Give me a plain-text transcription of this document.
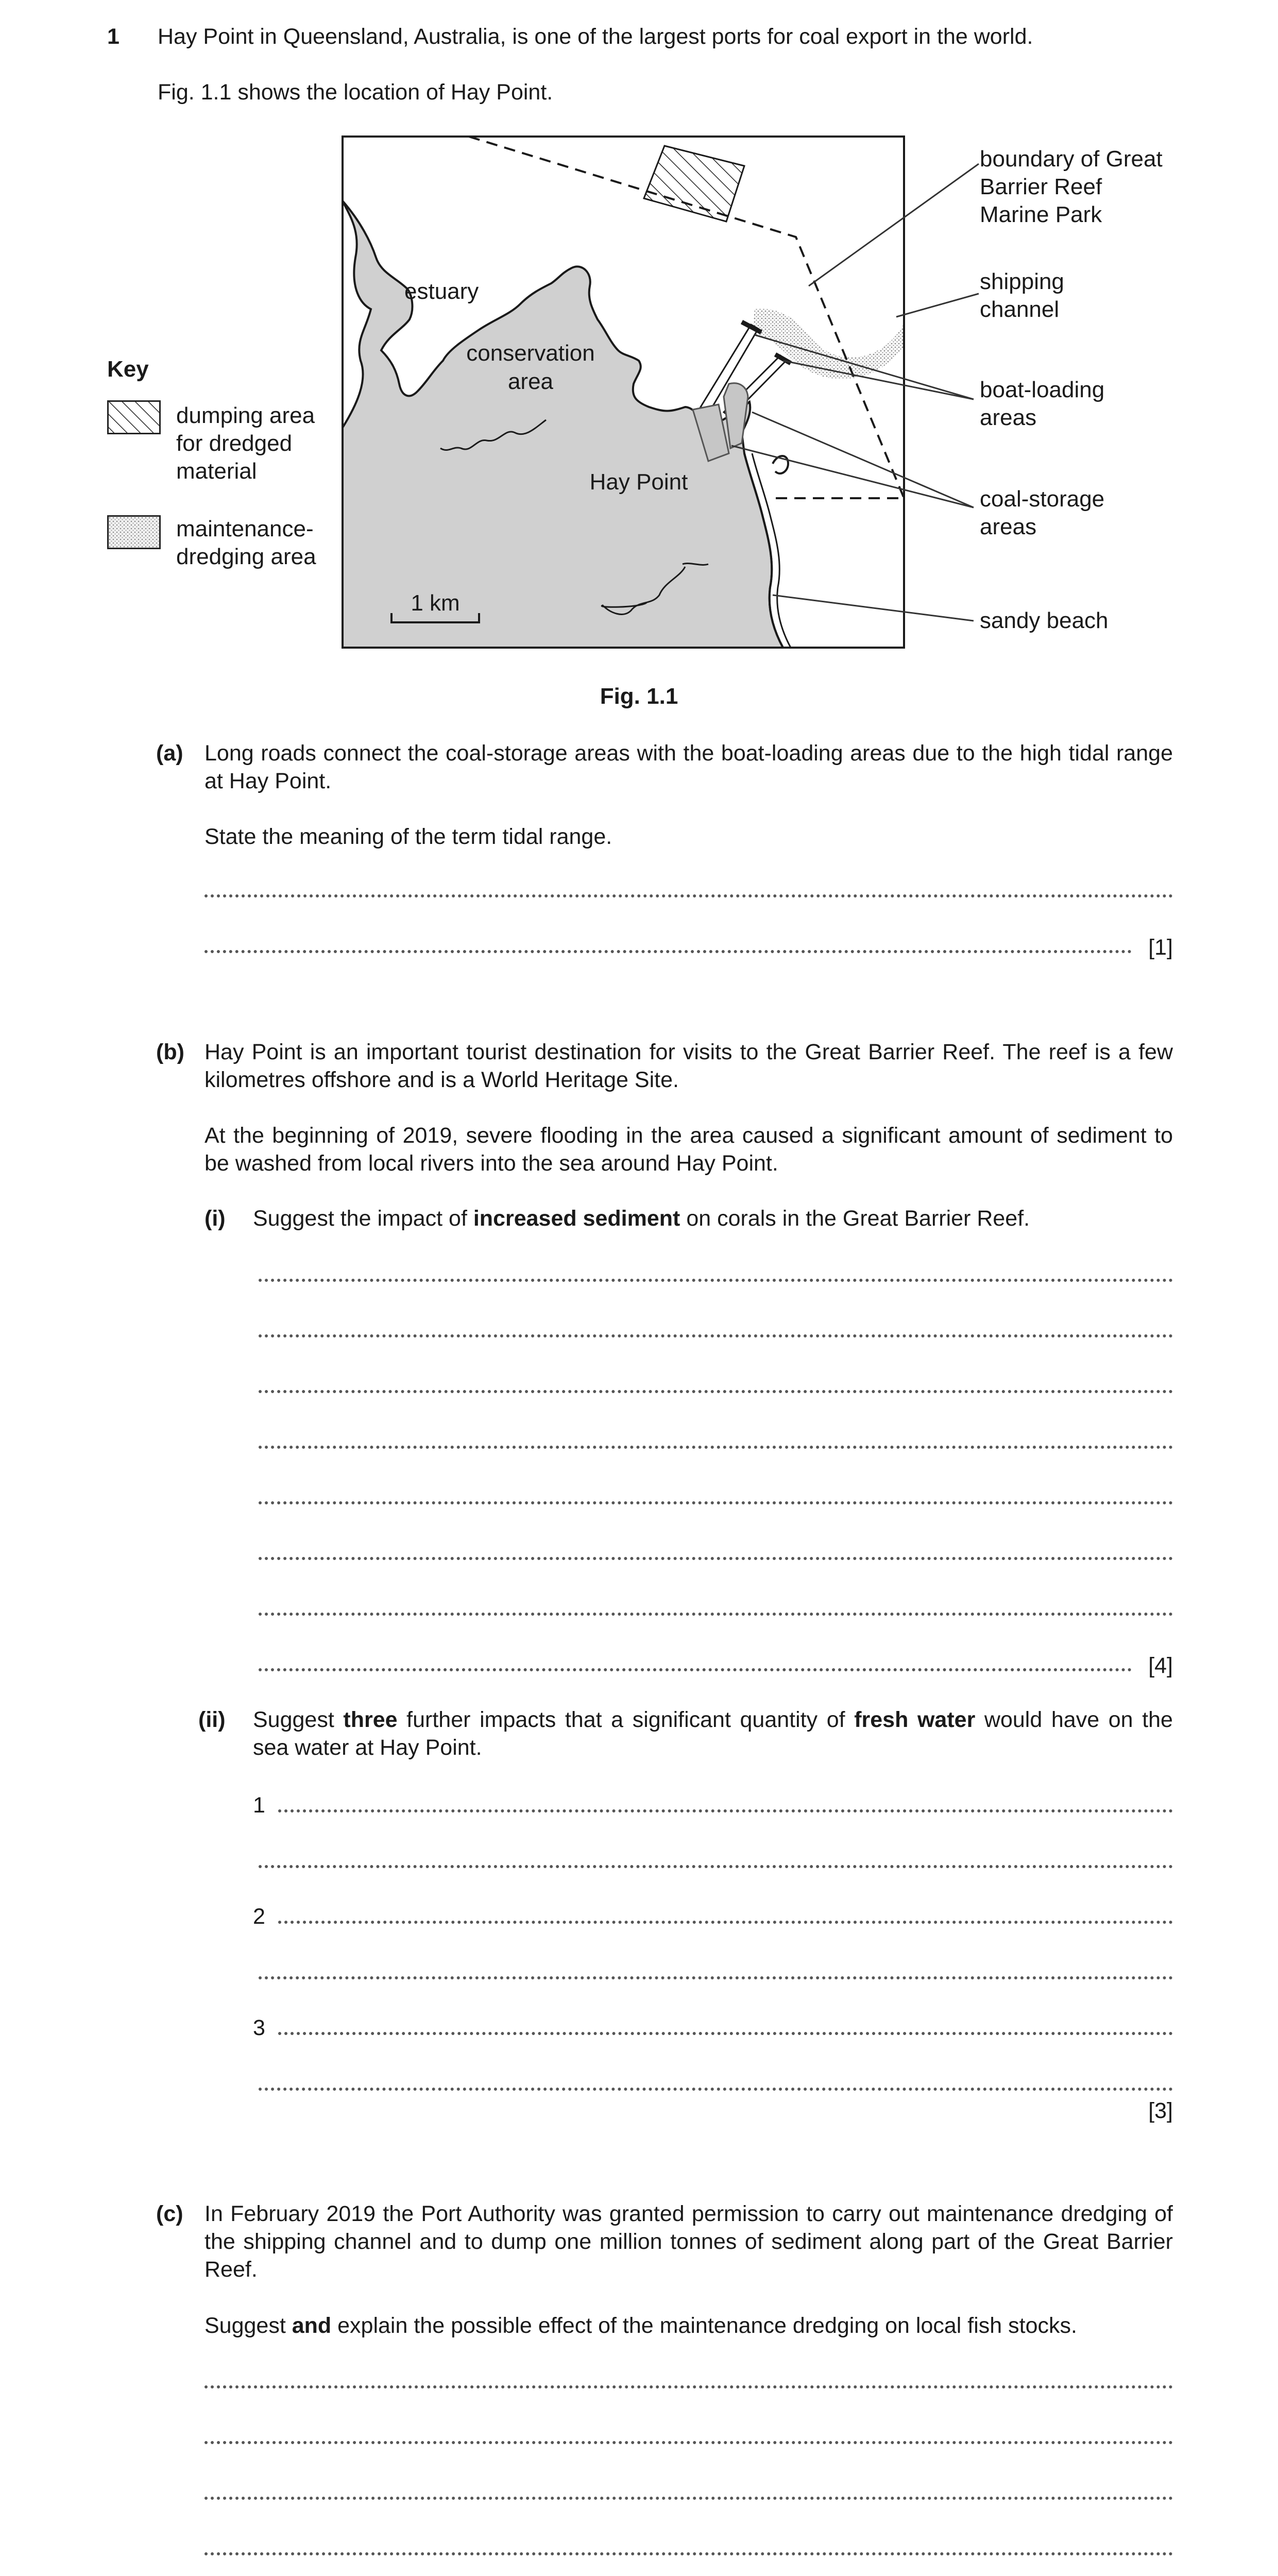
1 Hay Point in Queensland, Australia, is one of the largest ports for coal export in the world.
Fig. 1.1 shows the location of Hay Point.
Key
dumping area
for dredged
material
maintenance-
dredging area
estuary
conservation
area
Hay Point
1 km
boundary of Great
Barrier Reef
Marine Park
shipping
channel
boat-loading
areas
coal-storage
areas
sandy beach
Fig. 1.1
(a) Long roads connect the coal-storage areas with the boat-loading areas due to the high tidal range at Hay Point.
State the meaning of the term tidal range.
[1]
(b) Hay Point is an important tourist destination for visits to the Great Barrier Reef. The reef is a few kilometres offshore and is a World Heritage Site.
At the beginning of 2019, severe flooding in the area caused a significant amount of sediment to be washed from local rivers into the sea around Hay Point.
(i) Suggest the impact of increased sediment on corals in the Great Barrier Reef.
[4]
(ii) Suggest three further impacts that a significant quantity of fresh water would have on the sea water at Hay Point.
1
2
3
[3]
(c) In February 2019 the Port Authority was granted permission to carry out maintenance dredging of the shipping channel and to dump one million tonnes of sediment along part of the Great Barrier Reef.
Suggest and explain the possible effect of the maintenance dredging on local fish stocks.
